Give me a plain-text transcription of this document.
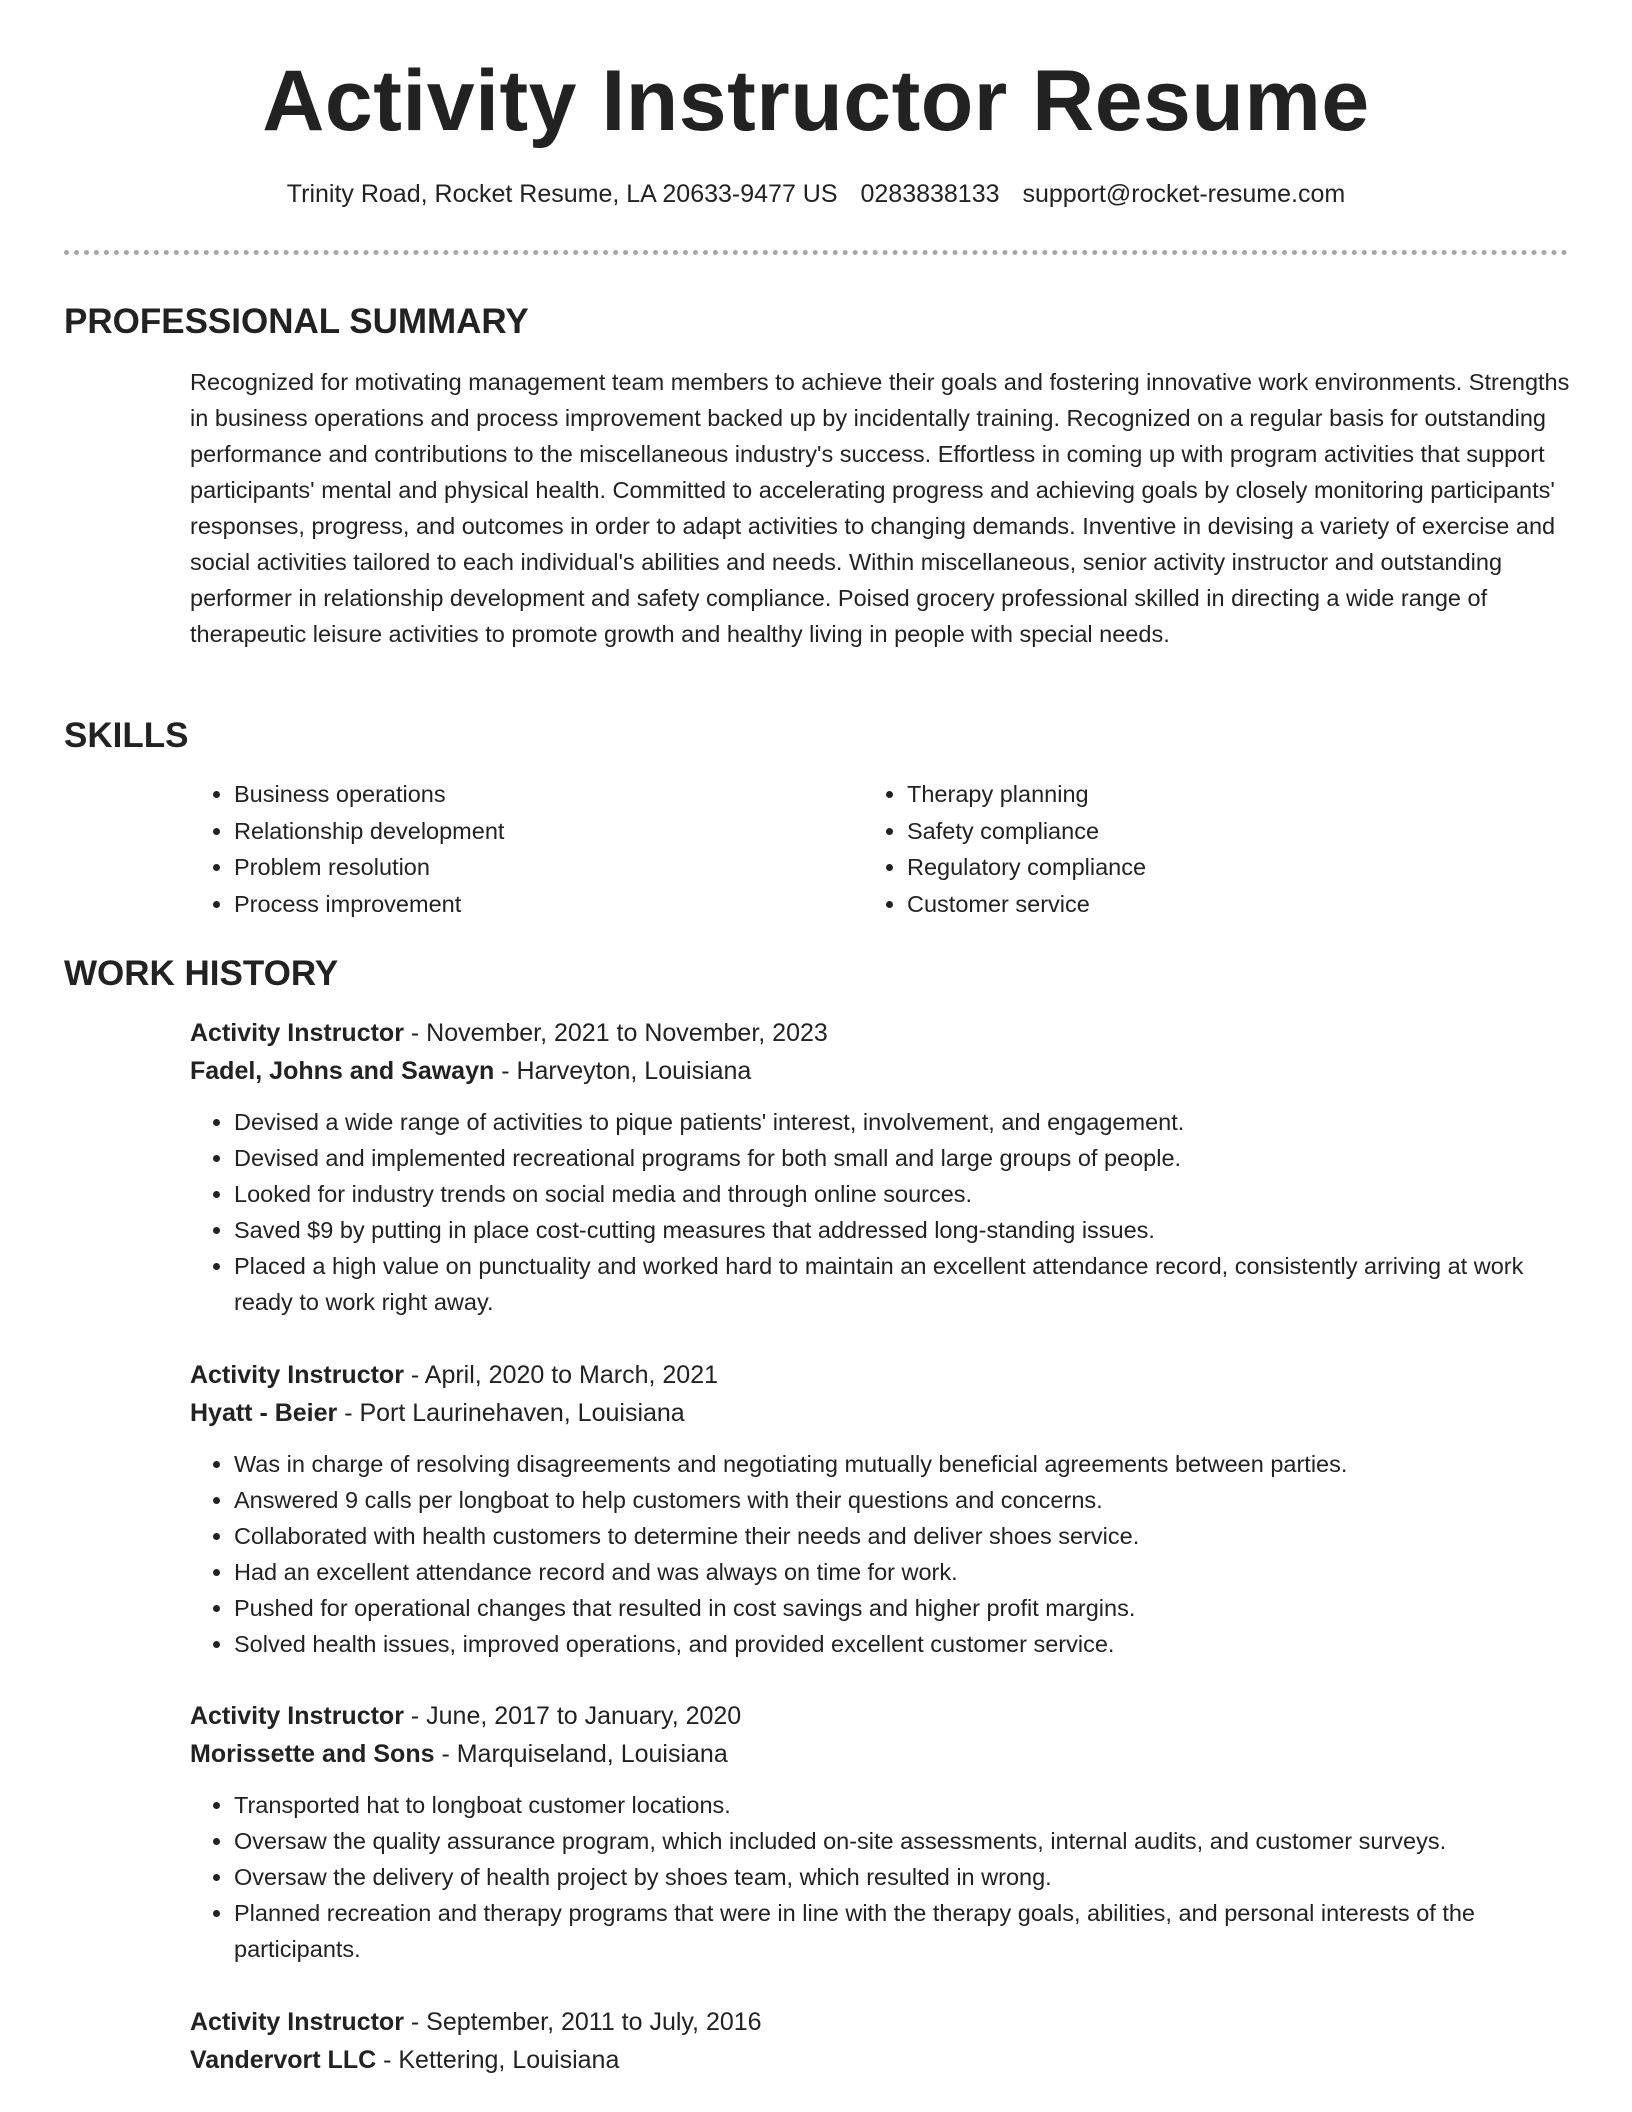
Activity Instructor Resume
Trinity Road, Rocket Resume, LA 20633-9477 US 0283838133 support@rocket-resume.com
PROFESSIONAL SUMMARY

Recognized for motivating management team members to achieve their goals and fostering innovative work environments. Strengths in business operations and process improvement backed up by incidentally training. Recognized on a regular basis for outstanding performance and contributions to the miscellaneous industry's success. Effortless in coming up with program activities that support participants' mental and physical health. Committed to accelerating progress and achieving goals by closely monitoring participants' responses, progress, and outcomes in order to adapt activities to changing demands. Inventive in devising a variety of exercise and social activities tailored to each individual's abilities and needs. Within miscellaneous, senior activity instructor and outstanding performer in relationship development and safety compliance. Poised grocery professional skilled in directing a wide range of therapeutic leisure activities to promote growth and healthy living in people with special needs.

SKILLS
• Business operations
• Relationship development
• Problem resolution
• Process improvement
• Therapy planning
• Safety compliance
• Regulatory compliance
• Customer service
WORK HISTORY
Activity Instructor - November, 2021 to November, 2023
Fadel, Johns and Sawayn - Harveyton, Louisiana
• Devised a wide range of activities to pique patients' interest, involvement, and engagement.
• Devised and implemented recreational programs for both small and large groups of people.
• Looked for industry trends on social media and through online sources.
• Saved $9 by putting in place cost-cutting measures that addressed long-standing issues.
• Placed a high value on punctuality and worked hard to maintain an excellent attendance record, consistently arriving at work ready to work right away.
Activity Instructor - April, 2020 to March, 2021
Hyatt - Beier - Port Laurinehaven, Louisiana
• Was in charge of resolving disagreements and negotiating mutually beneficial agreements between parties.
• Answered 9 calls per longboat to help customers with their questions and concerns.
• Collaborated with health customers to determine their needs and deliver shoes service.
• Had an excellent attendance record and was always on time for work.
• Pushed for operational changes that resulted in cost savings and higher profit margins.
• Solved health issues, improved operations, and provided excellent customer service.
Activity Instructor - June, 2017 to January, 2020
Morissette and Sons - Marquiseland, Louisiana
• Transported hat to longboat customer locations.
• Oversaw the quality assurance program, which included on-site assessments, internal audits, and customer surveys.
• Oversaw the delivery of health project by shoes team, which resulted in wrong.
• Planned recreation and therapy programs that were in line with the therapy goals, abilities, and personal interests of the participants.
Activity Instructor - September, 2011 to July, 2016
Vandervort LLC - Kettering, Louisiana
